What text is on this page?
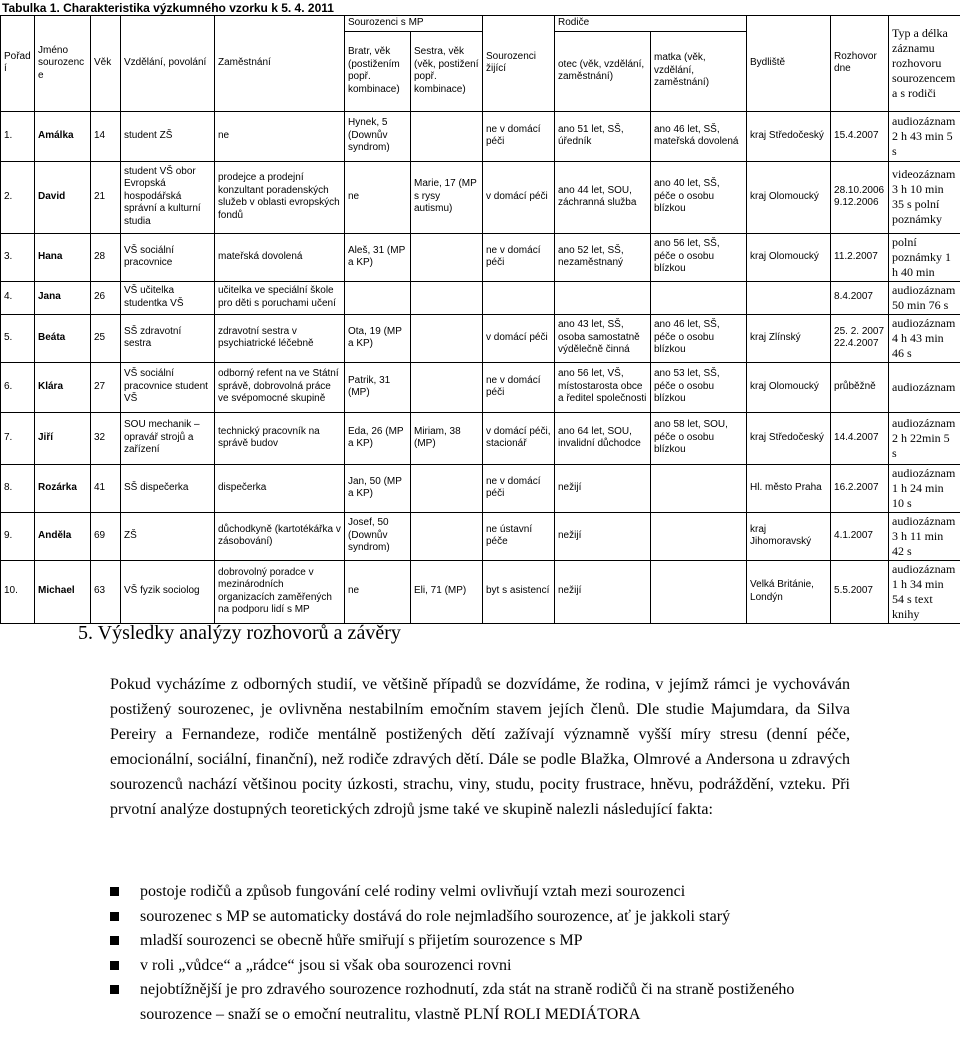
Tabulka 1. Charakteristika výzkumného vzorku k 5. 4. 2011
Pořadí	Jméno sourozence	Věk	Vzdělání, povolání	Zaměstnání	Sourozenci s MP		Sourozenci žijící	Rodiče		Bydliště	Rozhovor dne	Typ a délka záznamu rozhovoru sourozencem a s rodiči
					Bratr, věk (postižením popř. kombinace)	Sestra, věk (věk, postižení popř. kombinace)		otec (věk, vzdělání, zaměstnání)	matka (věk, vzdělání, zaměstnání)			
1.	Amálka	14	student ZŠ	ne	Hynek, 5 (Downův syndrom)		ne v domácí péči	ano 51 let, SŠ, úředník	ano 46 let, SŠ, mateřská dovolená	kraj Středočeský	15.4.2007	audiozáznam 2 h 43 min 5 s
2.	David	21	student VŠ obor Evropská hospodářská správní a kulturní studia	prodejce a prodejní konzultant poradenských služeb v oblasti evropských fondů	ne	Marie, 17 (MP s rysy autismu)	v domácí péči	ano 44 let, SOU, záchranná služba	ano 40 let, SŠ, péče o osobu blízkou	kraj Olomoucký	28.10.2006 9.12.2006	videozáznam 3 h 10 min 35 s polní poznámky
3.	Hana	28	VŠ sociální pracovnice	mateřská dovolená	Aleš, 31 (MP a KP)		ne v domácí péči	ano 52 let, SŠ, nezaměstnaný	ano 56 let, SŠ, péče o osobu blízkou	kraj Olomoucký	11.2.2007	polní poznámky 1 h 40 min
4.	Jana	26	VŠ učitelka studentka VŠ	učitelka ve speciální škole pro děti s poruchami učení							8.4.2007	audiozáznam 50 min 76 s
5.	Beáta	25	SŠ zdravotní sestra	zdravotní sestra v psychiatrické léčebně	Ota, 19 (MP a KP)		v domácí péči	ano 43 let, SŠ, osoba samostatně výdělečně činná	ano 46 let, SŠ, péče o osobu blízkou	kraj Zlínský	25. 2. 2007 22.4.2007	audiozáznam 4 h 43 min 46 s
6.	Klára	27	VŠ sociální pracovnice student VŠ	odborný refent na ve Státní správě, dobrovolná práce ve svépomocné skupině	Patrik, 31 (MP)		ne v domácí péči	ano 56 let, VŠ, místostarosta obce a ředitel společnosti	ano 53 let, SŠ, péče o osobu blízkou	kraj Olomoucký	průběžně	audiozáznam
7.	Jiří	32	SOU mechanik – opravář strojů a zařízení	technický pracovník na správě budov	Eda, 26 (MP a KP)	Miriam, 38 (MP)	v domácí péči, stacionář	ano 64 let, SOU, invalidní důchodce	ano 58 let, SOU, péče o osobu blízkou	kraj Středočeský	14.4.2007	audiozáznam 2 h 22min 5 s
8.	Rozárka	41	SŠ dispečerka	dispečerka	Jan, 50 (MP a KP)		ne v domácí péči	nežijí		Hl. město Praha	16.2.2007	audiozáznam 1 h 24 min 10 s
9.	Anděla	69	ZŠ	důchodkyně (kartotékářka v zásobování)	Josef, 50 (Downův syndrom)		ne ústavní péče	nežijí		kraj Jihomoravský	4.1.2007	audiozáznam 3 h 11 min 42 s
10.	Michael	63	VŠ fyzik sociolog	dobrovolný poradce v mezinárodních organizacích zaměřených na podporu lidí s MP	ne	Eli, 71 (MP)	byt s asistencí	nežijí		Velká Británie, Londýn	5.5.2007	audiozáznam 1 h 34 min 54 s text knihy
5. Výsledky analýzy rozhovorů a závěry
Pokud vycházíme z odborných studií, ve většině případů se dozvídáme, že rodina, v jejímž rámci je vychováván postižený sourozenec, je ovlivněna nestabilním emočním stavem jejích členů. Dle studie Majumdara, da Silva Pereiry a Fernandeze, rodiče mentálně postižených dětí zažívají významně vyšší míry stresu (denní péče, emocionální, sociální, finanční), než rodiče zdravých dětí. Dále se podle Blažka, Olmrové a Andersona u zdravých sourozenců nachází většinou pocity úzkosti, strachu, viny, studu, pocity frustrace, hněvu, podráždění, vzteku. Při prvotní analýze dostupných teoretických zdrojů jsme také ve skupině nalezli následující fakta:
postoje rodičů a způsob fungování celé rodiny velmi ovlivňují vztah mezi sourozenci
sourozenec s MP se automaticky dostává do role nejmladšího sourozence, ať je jakkoli starý
mladší sourozenci se obecně hůře smiřují s přijetím sourozence s MP
v roli „vůdce“ a „rádce“ jsou si však oba sourozenci rovni
nejobtížnější je pro zdravého sourozence rozhodnutí, zda stát na straně rodičů či na straně postiženého sourozence – snaží se o emoční neutralitu, vlastně PLNÍ ROLI MEDIÁTORA
